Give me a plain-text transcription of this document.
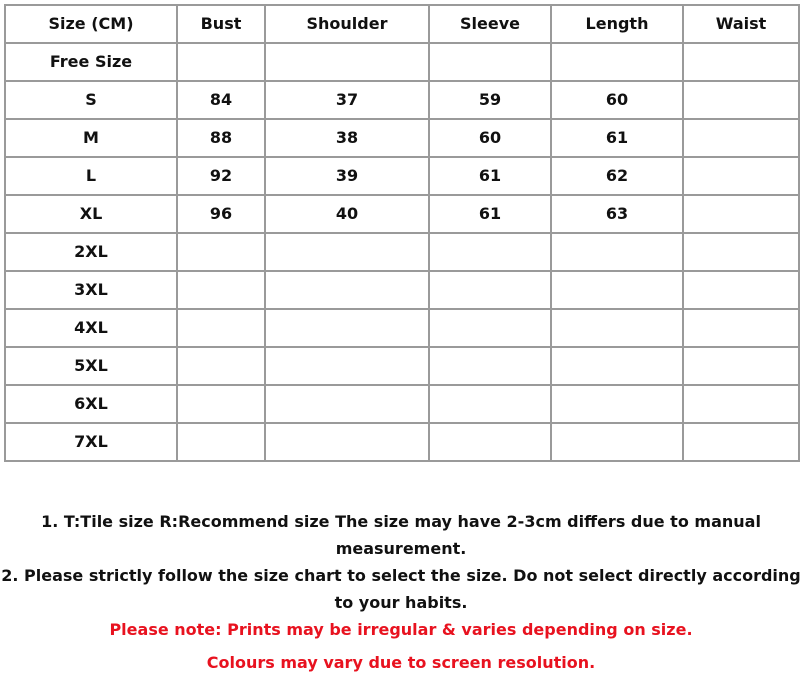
Size (CM)	Bust	Shoulder	Sleeve	Length	Waist
Free Size					
S	84	37	59	60	
M	88	38	60	61	
L	92	39	61	62	
XL	96	40	61	63	
2XL					
3XL					
4XL					
5XL					
6XL					
7XL					

1. T:Tile size R:Recommend size The size may have 2-3cm differs due to manual measurement.

2. Please strictly follow the size chart to select the size. Do not select directly according to your habits.

Please note: Prints may be irregular & varies depending on size.

Colours may vary due to screen resolution.
